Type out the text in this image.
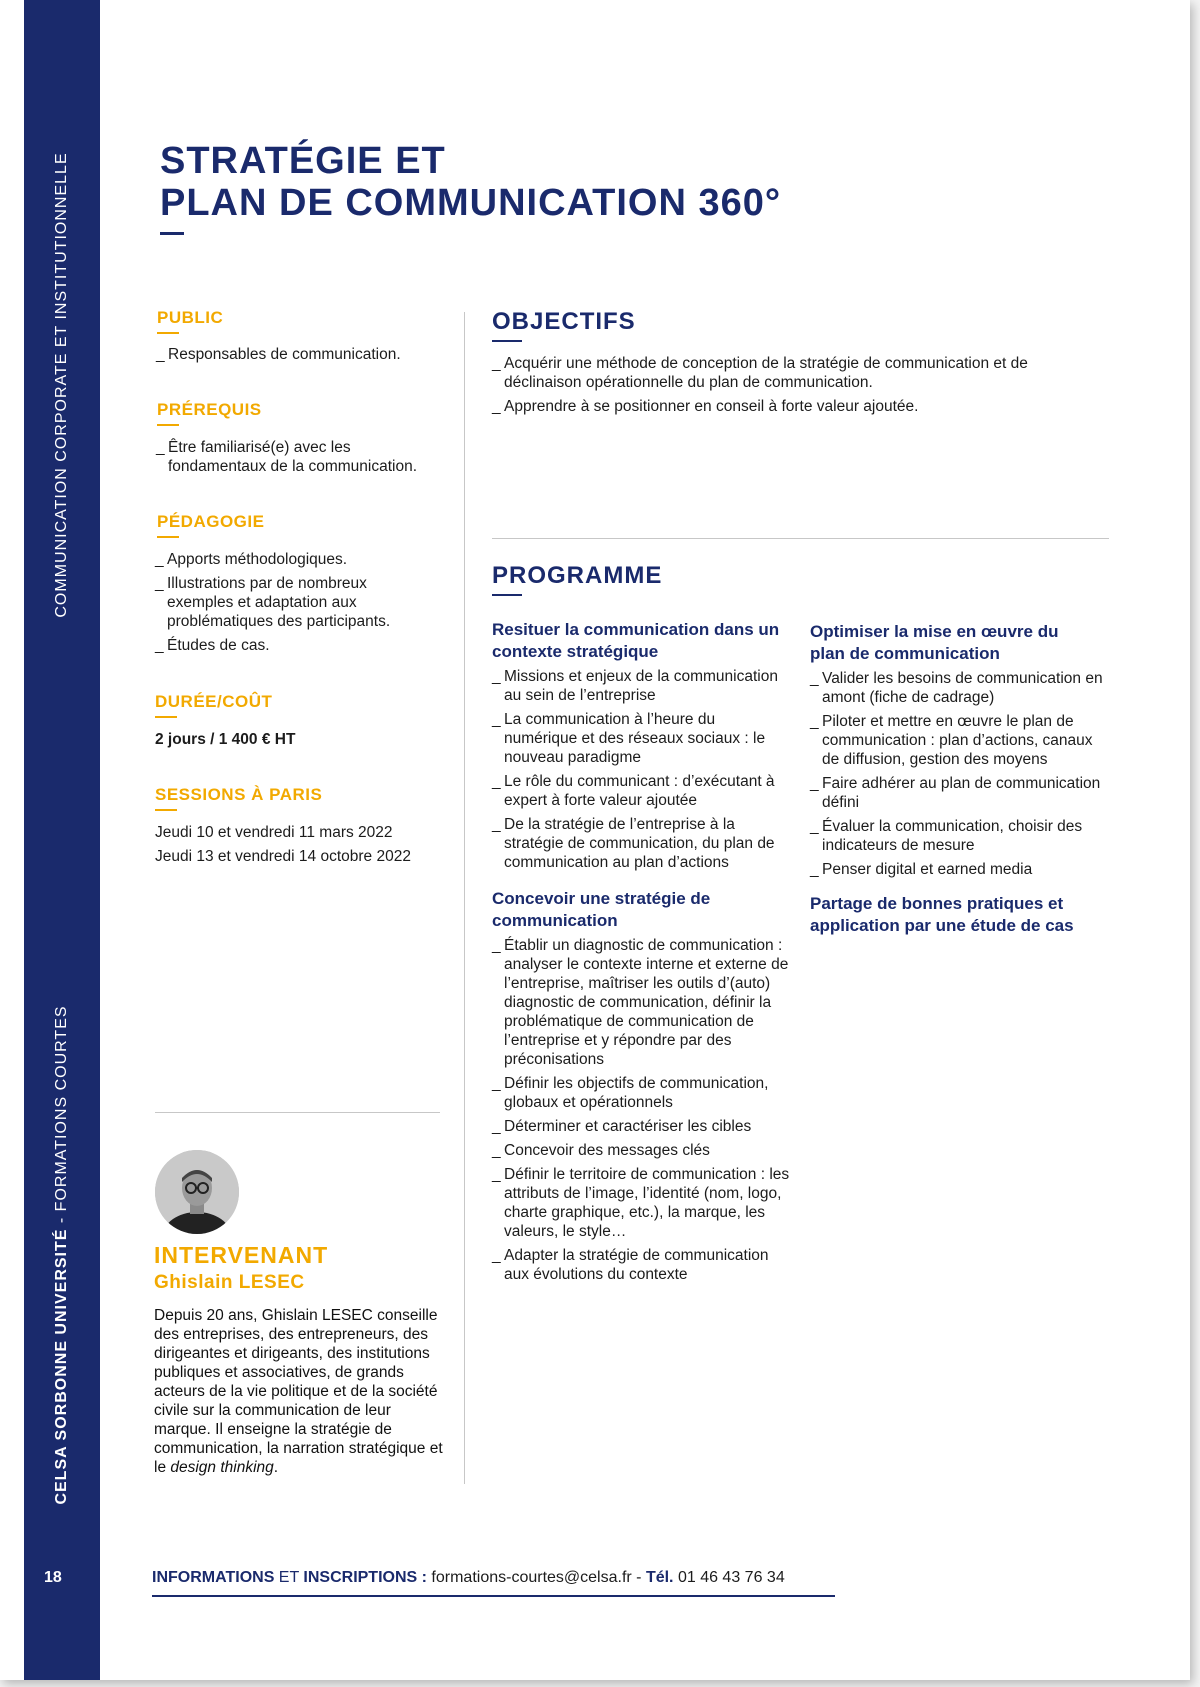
COMMUNICATION CORPORATE ET INSTITUTIONNELLE
CELSA SORBONNE UNIVERSITÉ - FORMATIONS COURTES
18
STRATÉGIE ET
PLAN DE COMMUNICATION 360°
PUBLIC
_ Responsables de communication.
PRÉREQUIS
_ Être familiarisé(e) avec les fondamentaux de la communication.
PÉDAGOGIE
_ Apports méthodologiques.
_ Illustrations par de nombreux exemples et adaptation aux problématiques des participants.
_ Études de cas.
DURÉE/COÛT
2 jours / 1 400 € HT
SESSIONS À PARIS
Jeudi 10 et vendredi 11 mars 2022
Jeudi 13 et vendredi 14 octobre 2022
OBJECTIFS
_ Acquérir une méthode de conception de la stratégie de communication et de déclinaison opérationnelle du plan de communication.
_ Apprendre à se positionner en conseil à forte valeur ajoutée.
PROGRAMME
Resituer la communication dans un contexte stratégique
_ Missions et enjeux de la communication au sein de l’entreprise
_ La communication à l’heure du numérique et des réseaux sociaux : le nouveau paradigme
_ Le rôle du communicant : d’exécutant à expert à forte valeur ajoutée
_ De la stratégie de l’entreprise à la stratégie de communication, du plan de communication au plan d’actions
Concevoir une stratégie de communication
_ Établir un diagnostic de communication : analyser le contexte interne et externe de l’entreprise, maîtriser les outils d’(auto) diagnostic de communication, définir la problématique de communication de l’entreprise et y répondre par des préconisations
_ Définir les objectifs de communication, globaux et opérationnels
_ Déterminer et caractériser les cibles
_ Concevoir des messages clés
_ Définir le territoire de communication : les attributs de l’image, l’identité (nom, logo, charte graphique, etc.), la marque, les valeurs, le style…
_ Adapter la stratégie de communication aux évolutions du contexte
Optimiser la mise en œuvre du plan de communication
_ Valider les besoins de communication en amont (fiche de cadrage)
_ Piloter et mettre en œuvre le plan de communication : plan d’actions, canaux de diffusion, gestion des moyens
_ Faire adhérer au plan de communication défini
_ Évaluer la communication, choisir des indicateurs de mesure
_ Penser digital et earned media
Partage de bonnes pratiques et application par une étude de cas
INTERVENANT
Ghislain LESEC
Depuis 20 ans, Ghislain LESEC conseille des entreprises, des entrepreneurs, des dirigeantes et dirigeants, des institutions publiques et associatives, de grands acteurs de la vie politique et de la société civile sur la communication de leur marque. Il enseigne la stratégie de communication, la narration stratégique et le design thinking.
INFORMATIONS ET INSCRIPTIONS : formations-courtes@celsa.fr - Tél. 01 46 43 76 34
